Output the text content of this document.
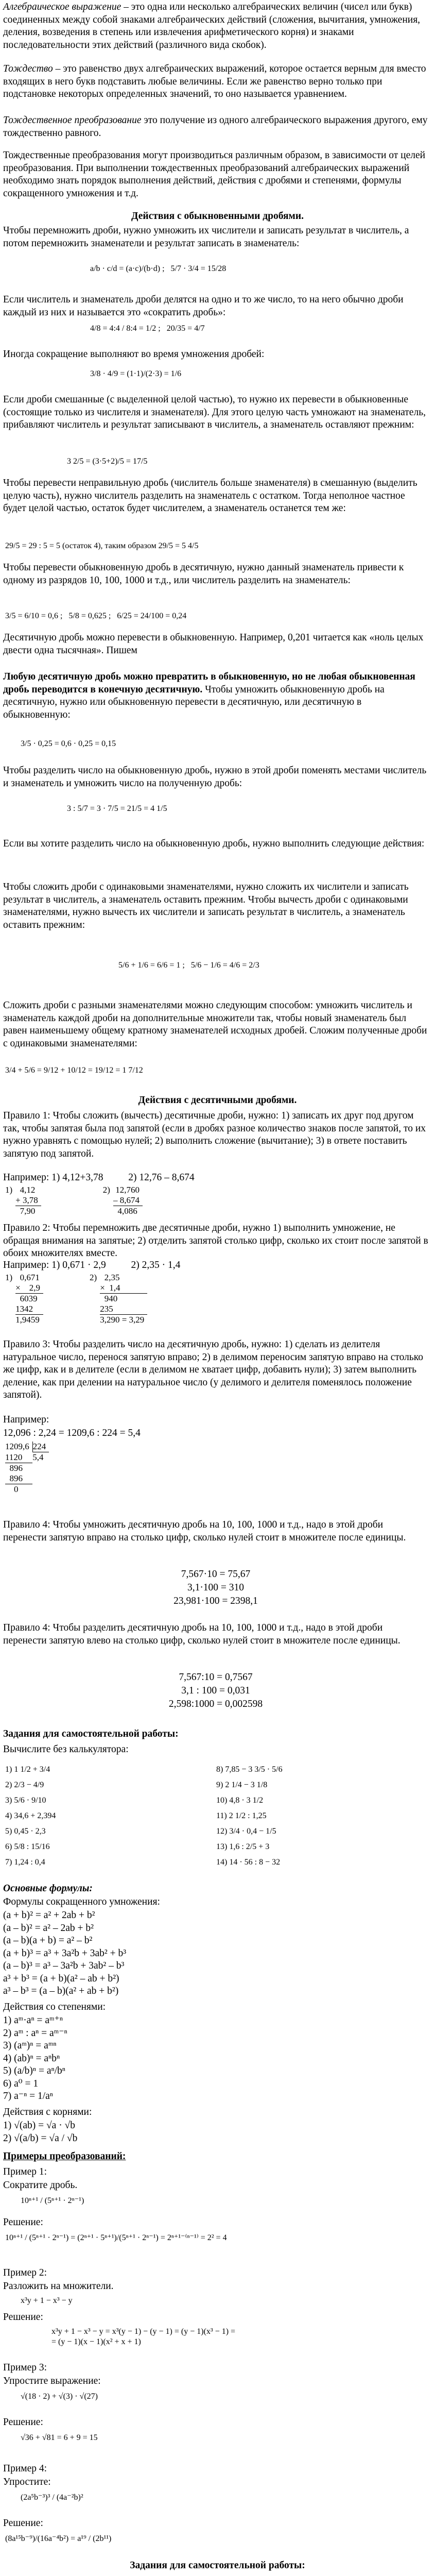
Алгебраическое выражение – это одна или несколько алгебраических величин (чисел или букв) соединенных между собой знаками алгебраических действий (сложения, вычитания, умножения, деления, возведения в степень или извлечения арифметического корня) и знаками последовательности этих действий (различного вида скобок).
Тождество – это равенство двух алгебраических выражений, которое остается верным для вместо входящих в него букв подставить любые величины. Если же равенство верно только при подстановке некоторых определенных значений, то оно называется уравнением.
Тождественное преобразование это получение из одного алгебраического выражения другого, ему тождественно равного.
Тождественные преобразования могут производиться различным образом, в зависимости от целей преобразования. При выполнении тождественных преобразований алгебраических выражений необходимо знать порядок выполнения действий, действия с дробями и степенями, формулы сокращенного умножения и т.д.
Действия с обыкновенными дробями.
Чтобы перемножить дроби, нужно умножить их числители и записать результат в числитель, а потом перемножить знаменатели и результат записать в знаменатель:
a/b · c/d = (a·c)/(b·d) ;   5/7 · 3/4 = 15/28
Если числитель и знаменатель дроби делятся на одно и то же число, то на него обычно дроби каждый из них и называется это «сократить дробь»:
4/8 = 4:4 / 8:4 = 1/2 ;   20/35 = 4/7
Иногда сокращение выполняют во время умножения дробей:
3/8 · 4/9 = (1·1)/(2·3) = 1/6
Если дроби смешанные (с выделенной целой частью), то нужно их перевести в обыкновенные (состоящие только из числителя и знаменателя). Для этого целую часть умножают на знаменатель, прибавляют числитель и результат записывают в числитель, а знаменатель оставляют прежним:
3 2/5 = (3·5+2)/5 = 17/5
Чтобы перевести неправильную дробь (числитель больше знаменателя) в смешанную (выделить целую часть), нужно числитель разделить на знаменатель с остатком. Тогда неполное частное будет целой частью, остаток будет числителем, а знаменатель останется тем же:
29/5 = 29 : 5 = 5 (остаток 4), таким образом 29/5 = 5 4/5
Чтобы перевести обыкновенную дробь в десятичную, нужно данный знаменатель привести к одному из разрядов 10, 100, 1000 и т.д., или числитель разделить на знаменатель:
3/5 = 6/10 = 0,6 ;   5/8 = 0,625 ;   6/25 = 24/100 = 0,24
Десятичную дробь можно перевести в обыкновенную. Например, 0,201 читается как «ноль целых двести одна тысячная». Пишем
Любую десятичную дробь можно превратить в обыкновенную, но не любая обыкновенная дробь переводится в конечную десятичную. Чтобы умножить обыкновенную дробь на десятичную, нужно или обыкновенную перевести в десятичную, или десятичную в обыкновенную:
3/5 · 0,25 = 0,6 · 0,25 = 0,15
Чтобы разделить число на обыкновенную дробь, нужно в этой дроби поменять местами числитель и знаменатель и умножить число на полученную дробь:
3 : 5/7 = 3 · 7/5 = 21/5 = 4 1/5
Если вы хотите разделить число на обыкновенную дробь, нужно выполнить следующие действия:
Чтобы сложить дроби с одинаковыми знаменателями, нужно сложить их числители и записать результат в числитель, а знаменатель оставить прежним. Чтобы вычесть дроби с одинаковыми знаменателями, нужно вычесть их числители и записать результат в числитель, а знаменатель оставить прежним:
5/6 + 1/6 = 6/6 = 1 ;   5/6 − 1/6 = 4/6 = 2/3
Сложить дроби с разными знаменателями можно следующим способом: умножить числитель и знаменатель каждой дроби на дополнительные множители так, чтобы новый знаменатель был равен наименьшему общему кратному знаменателей исходных дробей. Сложим полученные дроби с одинаковыми знаменателями:
3/4 + 5/6 = 9/12 + 10/12 = 19/12 = 1 7/12
Действия с десятичными дробями.
Правило 1: Чтобы сложить (вычесть) десятичные дроби, нужно: 1) записать их друг под другом так, чтобы запятая была под запятой (если в дробях разное количество знаков после запятой, то их нужно уравнять с помощью нулей; 2) выполнить сложение (вычитание); 3) в ответе поставить запятую под запятой.
Например: 1) 4,12+3,78	2) 12,76 – 8,674
1)	4,12	2)	12,760
	+ 3,78		– 8,674
	7,90		4,086
Правило 2: Чтобы перемножить две десятичные дроби, нужно 1) выполнить умножение, не обращая внимания на запятые; 2) отделить запятой столько цифр, сколько их стоит после запятой в обоих множителях вместе.
Например: 1) 0,671 · 2,9	2) 2,35 · 1,4
1)	0,671	2)	2,35
	×    2,9		×  1,4
	6039		940
	1342		235
	1,9459		3,290 = 3,29
Правило 3: Чтобы разделить число на десятичную дробь, нужно: 1) сделать из делителя натуральное число, перенося запятую вправо; 2) в делимом переносим запятую вправо на столько же цифр, как и в делителе (если в делимом не хватает цифр, добавить нули); 3) затем выполнить деление, как при делении на натуральное число (у делимого и делителя поменялось положение запятой).
Например:
12,096 : 2,24 = 1209,6 : 224 = 5,4
1209,6	224
1120	5,4
896	
896	
0	
Правило 4: Чтобы умножить десятичную дробь на 10, 100, 1000 и т.д., надо в этой дроби перенести запятую вправо на столько цифр, сколько нулей стоит в множителе после единицы.
7,567·10 = 75,67
3,1·100 = 310
23,981·100 = 2398,1
Правило 4: Чтобы разделить десятичную дробь на 10, 100, 1000 и т.д., надо в этой дроби перенести запятую влево на столько цифр, сколько нулей стоит в множителе после единицы.
7,567:10 = 0,7567
3,1 : 100 = 0,031
2,598:1000 = 0,002598
Задания для самостоятельной работы:
Вычислите без калькулятора:
1) 1 1/2 + 3/4
2) 2/3 − 4/9
3) 5/6 · 9/10
4) 34,6 + 2,394
5) 0,45 · 2,3
6) 5/8 : 15/16
7) 1,24 : 0,4
8) 7,85 − 3 3/5 · 5/6
9) 2 1/4 − 3 1/8
10) 4,8 · 3 1/2
11) 2 1/2 : 1,25
12) 3/4 · 0,4 − 1/5
13) 1,6 : 2/5 + 3
14) 14 · 56 : 8 − 32
Основные формулы:
Формулы сокращенного умножения:
(a + b)² = a² + 2ab + b²
(a – b)² = a² – 2ab + b²
(a – b)(a + b) = a² – b²
(a + b)³ = a³ + 3a²b + 3ab² + b³
(a – b)³ = a³ – 3a²b + 3ab² – b³
a³ + b³ = (a + b)(a² – ab + b²)
a³ – b³ = (a – b)(a² + ab + b²)
Действия со степенями:
1) aᵐ·aⁿ = aᵐ⁺ⁿ
2) aᵐ : aⁿ = aᵐ⁻ⁿ
3) (aᵐ)ⁿ = aᵐⁿ
4) (ab)ⁿ = aⁿbⁿ
5) (a/b)ⁿ = aⁿ/bⁿ
6) a⁰ = 1
7) a⁻ⁿ = 1/aⁿ
Действия с корнями:
1) √(ab) = √a · √b
2) √(a/b) = √a / √b
Примеры преобразований:
Пример 1:
Сократите дробь.
10ⁿ⁺¹ / (5ⁿ⁺¹ · 2ⁿ⁻¹)
Решение:
10ⁿ⁺¹ / (5ⁿ⁺¹ · 2ⁿ⁻¹) = (2ⁿ⁺¹ · 5ⁿ⁺¹)/(5ⁿ⁺¹ · 2ⁿ⁻¹) = 2ⁿ⁺¹⁻⁽ⁿ⁻¹⁾ = 2² = 4
Пример 2:
Разложить на множители.
x³y + 1 − x³ − y
Решение:
x³y + 1 − x³ − y = x³(y − 1) − (y − 1) = (y − 1)(x³ − 1) =
= (y − 1)(x − 1)(x² + x + 1)
Пример 3:
Упростите выражение:
√(18 · 2) + √(3) · √(27)
Решение:
√36 + √81 = 6 + 9 = 15
Пример 4:
Упростите:
(2a⁵b⁻³)³ / (4a⁻²b)²
Решение:
(8a¹⁵b⁻⁹)/(16a⁻⁴b²) = a¹⁹ / (2b¹¹)
Задания для самостоятельной работы:
